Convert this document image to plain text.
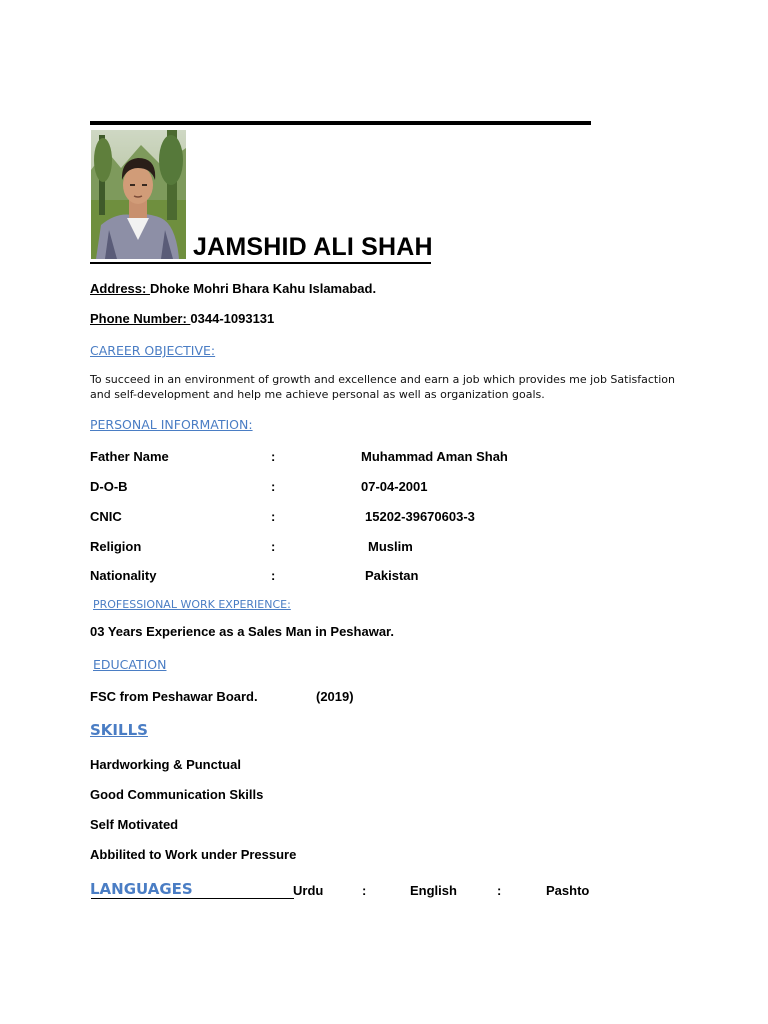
JAMSHID ALI SHAH
Address: Dhoke Mohri Bhara Kahu Islamabad.
Phone Number: 0344-1093131
CAREER OBJECTIVE:
To succeed in an environment of growth and excellence and earn a job which provides me job Satisfaction and self-development and help me achieve personal as well as organization goals.
PERSONAL INFORMATION:
Father Name	:	Muhammad Aman Shah
D-O-B	:	07-04-2001
CNIC	:	15202-39670603-3
Religion	:	Muslim
Nationality	:	Pakistan
PROFESSIONAL WORK EXPERIENCE:
03 Years Experience as a Sales Man in Peshawar.
EDUCATION
FSC from Peshawar Board.	(2019)
SKILLS
Hardworking & Punctual
Good Communication Skills
Self Motivated
Abbilited to Work under Pressure
LANGUAGES	Urdu	:	English	:	Pashto
